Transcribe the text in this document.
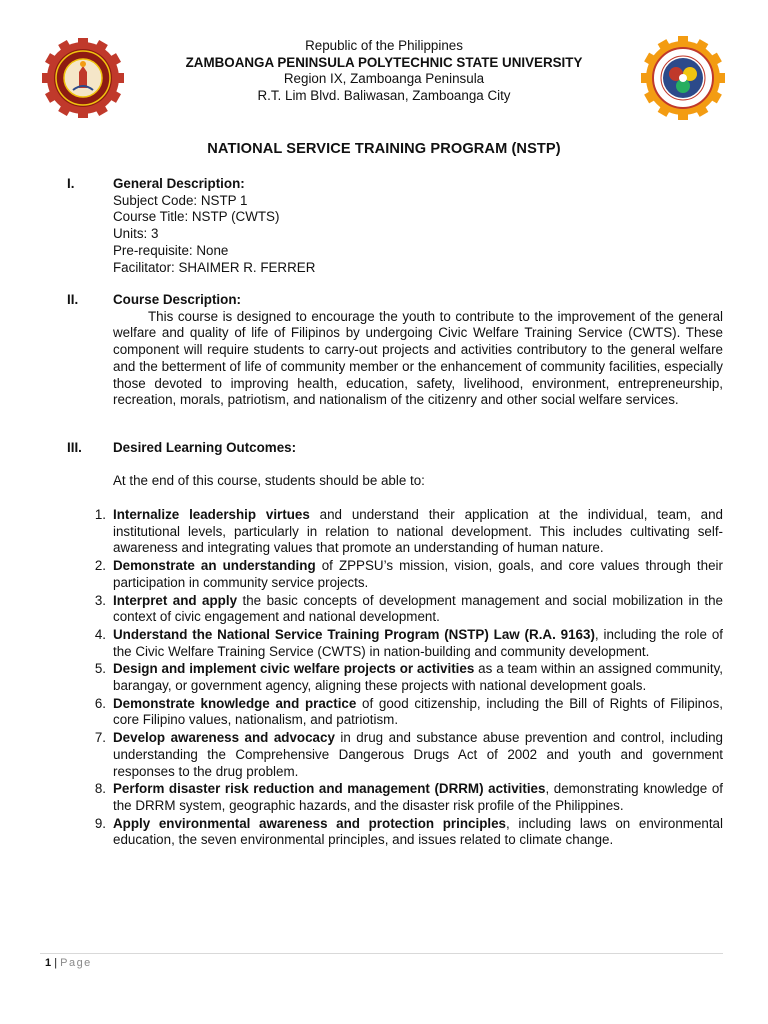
Republic of the Philippines
ZAMBOANGA PENINSULA POLYTECHNIC STATE UNIVERSITY
Region IX, Zamboanga Peninsula
R.T. Lim Blvd. Baliwasan, Zamboanga City
NATIONAL SERVICE TRAINING PROGRAM (NSTP)
I.	General Description:
Subject Code: NSTP 1
Course Title: NSTP (CWTS)
Units: 3
Pre-requisite: None
Facilitator: SHAIMER R. FERRER
II.	Course Description:
This course is designed to encourage the youth to contribute to the improvement of the general welfare and quality of life of Filipinos by undergoing Civic Welfare Training Service (CWTS). These component will require students to carry-out projects and activities contributory to the general welfare and the betterment of life of community member or the enhancement of community facilities, especially those devoted to improving health, education, safety, livelihood, environment, entrepreneurship, recreation, morals, patriotism, and nationalism of the citizenry and other social welfare services.
III. Desired Learning Outcomes:
At the end of this course, students should be able to:
1. Internalize leadership virtues and understand their application at the individual, team, and institutional levels, particularly in relation to national development. This includes cultivating self-awareness and integrating values that promote an understanding of human nature.
2. Demonstrate an understanding of ZPPSU’s mission, vision, goals, and core values through their participation in community service projects.
3. Interpret and apply the basic concepts of development management and social mobilization in the context of civic engagement and national development.
4. Understand the National Service Training Program (NSTP) Law (R.A. 9163), including the role of the Civic Welfare Training Service (CWTS) in nation-building and community development.
5. Design and implement civic welfare projects or activities as a team within an assigned community, barangay, or government agency, aligning these projects with national development goals.
6. Demonstrate knowledge and practice of good citizenship, including the Bill of Rights of Filipinos, core Filipino values, nationalism, and patriotism.
7. Develop awareness and advocacy in drug and substance abuse prevention and control, including understanding the Comprehensive Dangerous Drugs Act of 2002 and youth and government responses to the drug problem.
8. Perform disaster risk reduction and management (DRRM) activities, demonstrating knowledge of the DRRM system, geographic hazards, and the disaster risk profile of the Philippines.
9. Apply environmental awareness and protection principles, including laws on environmental education, the seven environmental principles, and issues related to climate change.
1 | Page
